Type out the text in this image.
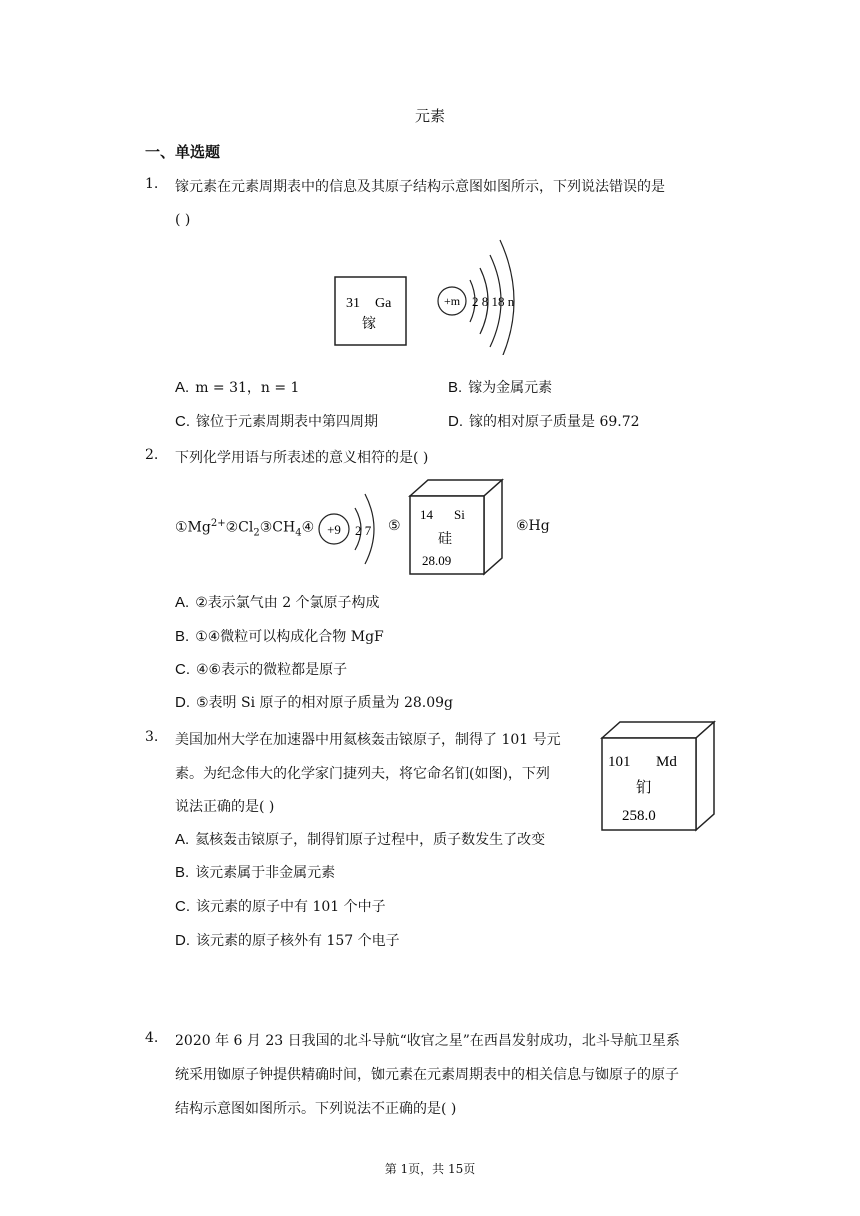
元素
一、单选题
1. 镓元素在元素周期表中的信息及其原子结构示意图如图所示，下列说法错误的是
( )
31 Ga
镓
+m 2 8 18 n
A. m = 31，n = 1	B. 镓为金属元素
C. 镓位于元素周期表中第四周期	D. 镓的相对原子质量是 69.72
2. 下列化学用语与所表述的意义相符的是( )
$①Mg^{2+}②Cl_2③CH_4④ +9$ 2 7 ⑤
14 Si
硅
28.09
⑥Hg
A. ②表示氯气由 2 个氯原子构成
B. ①④微粒可以构成化合物 MgF
C. ④⑥表示的微粒都是原子
D. ⑤表明 Si 原子的相对原子质量为 28.09g
3. 美国加州大学在加速器中用氦核轰击锿原子，制得了 101 号元
素。为纪念伟大的化学家门捷列夫，将它命名钔(如图)，下列
说法正确的是( )
101 Md
钔
258.0
A. 氦核轰击锿原子，制得钔原子过程中，质子数发生了改变
B. 该元素属于非金属元素
C. 该元素的原子中有 101 个中子
D. 该元素的原子核外有 157 个电子
4. 2020 年 6 月 23 日我国的北斗导航“收官之星”在西昌发射成功，北斗导航卫星系
统采用铷原子钟提供精确时间，铷元素在元素周期表中的相关信息与铷原子的原子
结构示意图如图所示。下列说法不正确的是( )
第 1页，共 15页
